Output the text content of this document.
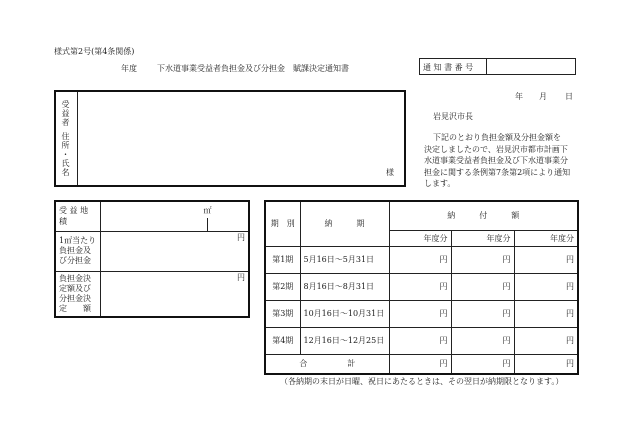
様式第2号(第4条関係)
年度	下水道事業受益者負担金及び分担金　賦課決定通知書	通 知 書 番 号
受益者
住所・氏名	様
年 月 日
岩見沢市長
下記のとおり負担金額及分担金額を
決定しましたので、岩見沢市都市計画下
水道事業受益者負担金及び下水道事業分
担金に関する条例第7条第2項により通知
します。
受 益 地 積	㎡

1㎡当たり
負担金及
び分担金	円

負担金決
定額及び
分担金決
定　　額	円
期　別	納　　　期	納　　　付　　　額		
		年度分	年度分	年度分
第1期	5月16日～5月31日	円	円	円
第2期	8月16日～8月31日	円	円	円
第3期	10月16日～10月31日	円	円	円
第4期	12月16日～12月25日	円	円	円
合　　　　　計		円	円	円
（各納期の末日が日曜、祝日にあたるときは、その翌日が納期限となります。）
